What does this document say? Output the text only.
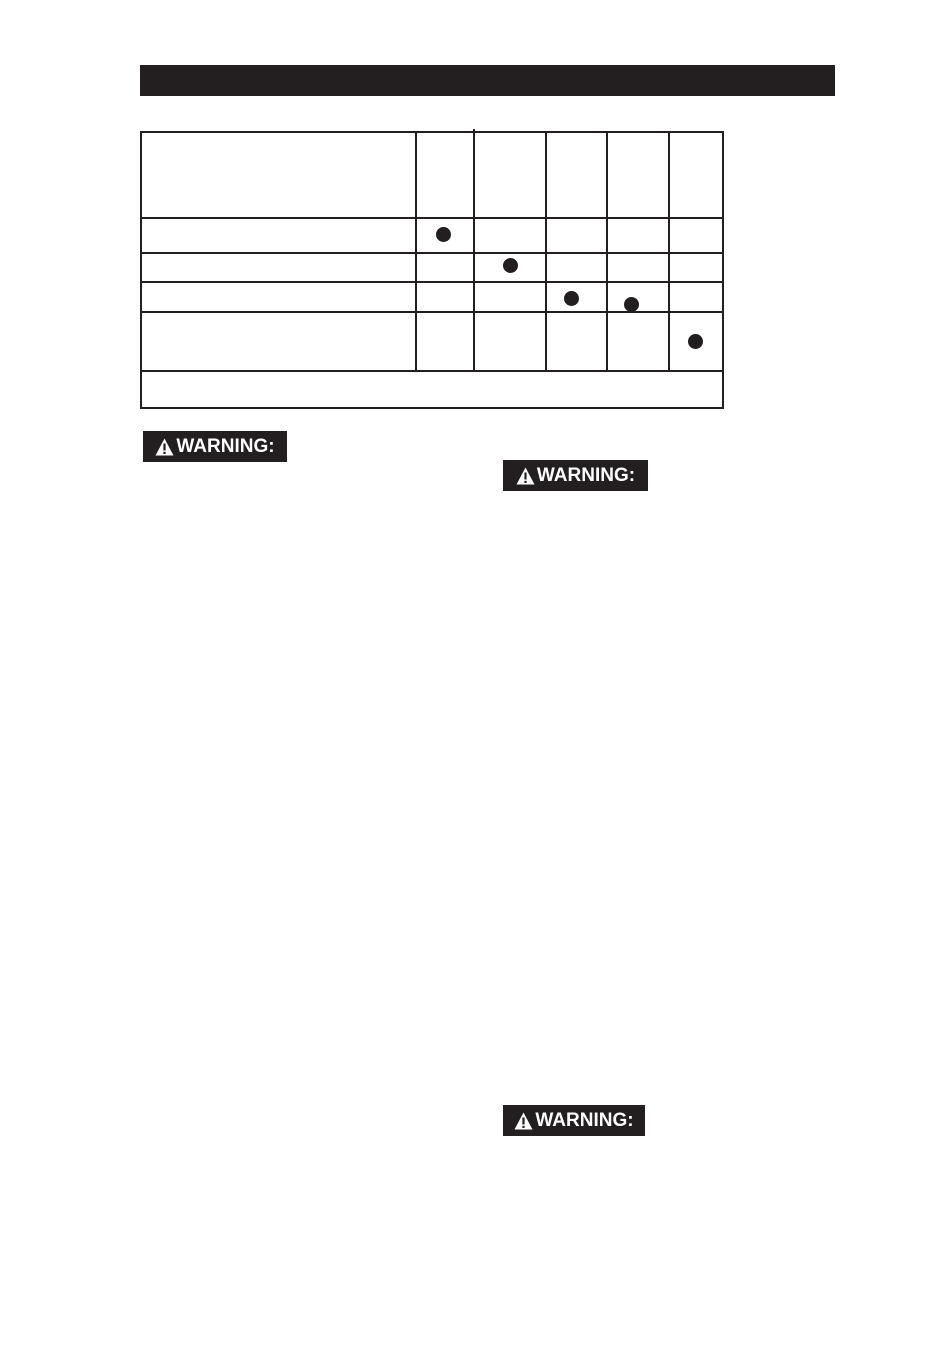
WARNING:
WARNING:
WARNING:
